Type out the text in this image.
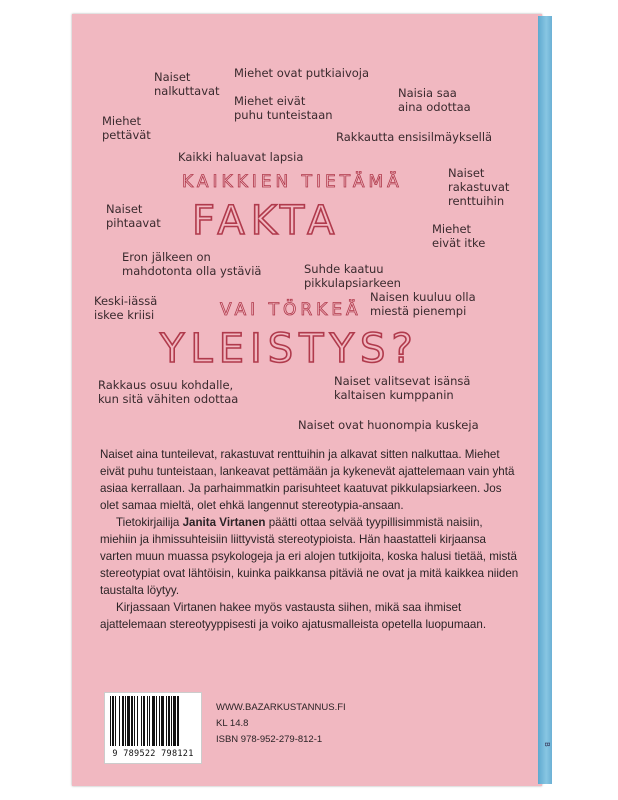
Naiset
nalkuttavat
Miehet ovat putkiaivoja
Miehet eivät
puhu tunteistaan
Naisia saa
aina odottaa
Miehet
pettävät	Rakkautta ensisilmäyksellä
Kaikki haluavat lapsia
Naiset
rakastuvat
renttuihin
Naiset
pihtaavat	Miehet
eivät itke
Eron jälkeen on
mahdotonta olla ystäviä	Suhde kaatuu
pikkulapsiarkeen
Keski-iässä
iskee kriisi
Naisen kuuluu olla
miestä pienempi
Rakkaus osuu kohdalle,
kun sitä vähiten odottaa
Naiset valitsevat isänsä
kaltaisen kumppanin
Naiset ovat huonompia kuskeja
KAIKKIEN TIETÄMÄ
FAKTA
VAI TÖRKEÄ
YLEISTYS?

Naiset aina tunteilevat, rakastuvat renttuihin ja alkavat sitten nalkuttaa. Miehet eivät puhu tunteistaan, lankeavat pettämään ja kykenevät ajattelemaan vain yhtä asiaa kerrallaan. Ja parhaimmatkin parisuhteet kaatuvat pikkulapsiarkeen. Jos olet samaa mieltä, olet ehkä langennut stereotypia-ansaan.

Tietokirjailija Janita Virtanen päätti ottaa selvää tyypillisimmistä naisiin, miehiin ja ihmissuhteisiin liittyvistä stereotypioista. Hän haastatteli kirjaansa varten muun muassa psykologeja ja eri alojen tutkijoita, koska halusi tietää, mistä stereotypiat ovat lähtöisin, kuinka paikkansa pitäviä ne ovat ja mitä kaikkea niiden taustalta löytyy.

Kirjassaan Virtanen hakee myös vastausta siihen, mikä saa ihmiset ajattelemaan stereotyyppisesti ja voiko ajatusmalleista opetella luopumaan.

9 789522 798121
WWW.BAZARKUSTANNUS.FI
KL 14.8
ISBN 978-952-279-812-1	B
